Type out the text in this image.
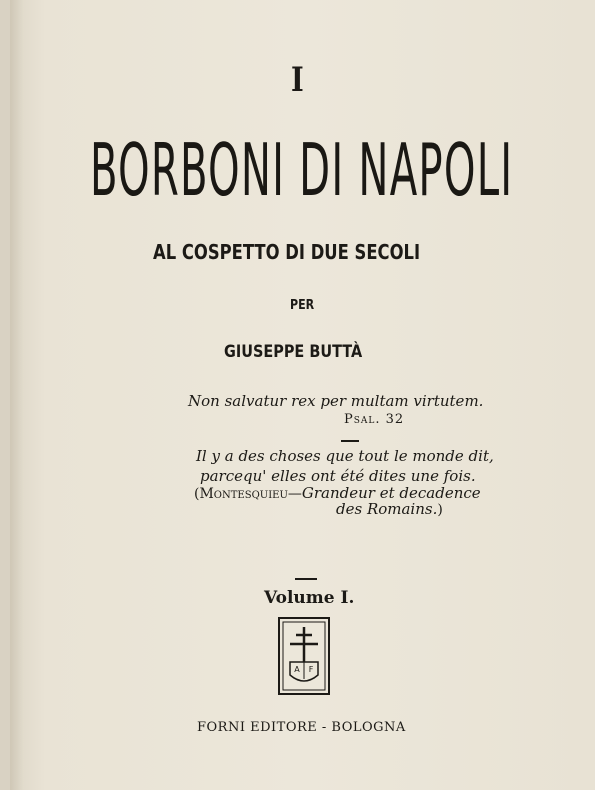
I
BORBONI DI NAPOLI
AL COSPETTO DI DUE SECOLI
PER
GIUSEPPE BUTTÀ
Non salvatur rex per multam virtutem.
Psal. 32
Il y a des choses que tout le monde dit,
parcequ' elles ont été dites une fois.
(Montesquieu—Grandeur et decadence
des Romains.)
Volume I.
A F
FORNI EDITORE - BOLOGNA
